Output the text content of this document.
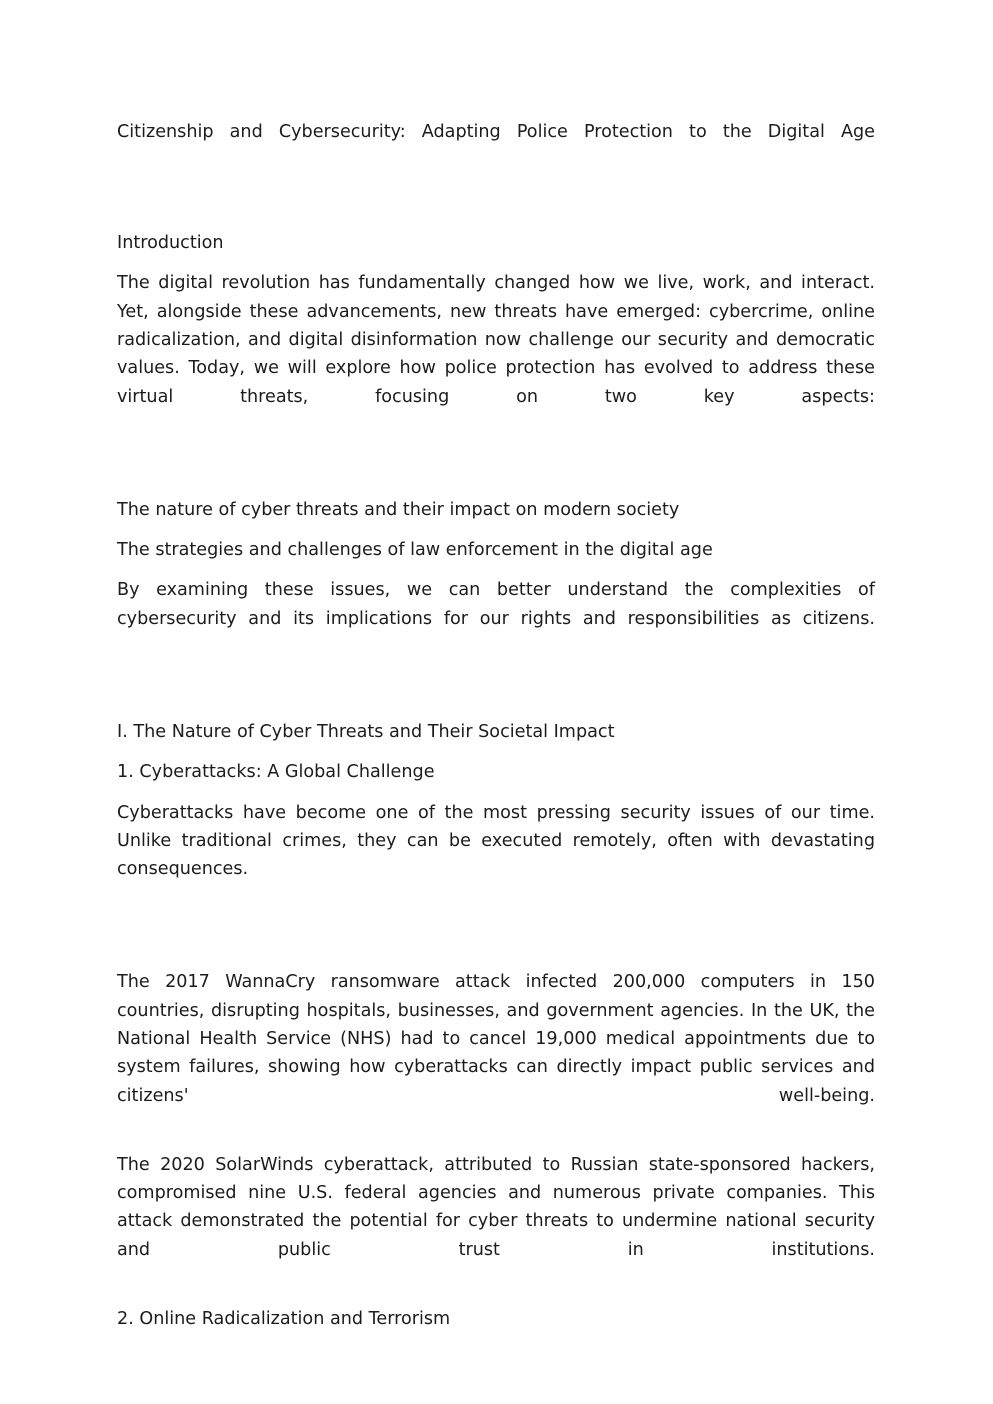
Citizenship and Cybersecurity: Adapting Police Protection to the Digital Age

Introduction

The digital revolution has fundamentally changed how we live, work, and interact. Yet, alongside these advancements, new threats have emerged: cybercrime, online radicalization, and digital disinformation now challenge our security and democratic values. Today, we will explore how police protection has evolved to address these virtual threats, focusing on two key aspects:

The nature of cyber threats and their impact on modern society

The strategies and challenges of law enforcement in the digital age

By examining these issues, we can better understand the complexities of cybersecurity and its implications for our rights and responsibilities as citizens.

I. The Nature of Cyber Threats and Their Societal Impact

1. Cyberattacks: A Global Challenge

Cyberattacks have become one of the most pressing security issues of our time. Unlike traditional crimes, they can be executed remotely, often with devastating consequences.

The 2017 WannaCry ransomware attack infected 200,000 computers in 150 countries, disrupting hospitals, businesses, and government agencies. In the UK, the National Health Service (NHS) had to cancel 19,000 medical appointments due to system failures, showing how cyberattacks can directly impact public services and citizens' well-being.

The 2020 SolarWinds cyberattack, attributed to Russian state-sponsored hackers, compromised nine U.S. federal agencies and numerous private companies. This attack demonstrated the potential for cyber threats to undermine national security and public trust in institutions.

2. Online Radicalization and Terrorism
